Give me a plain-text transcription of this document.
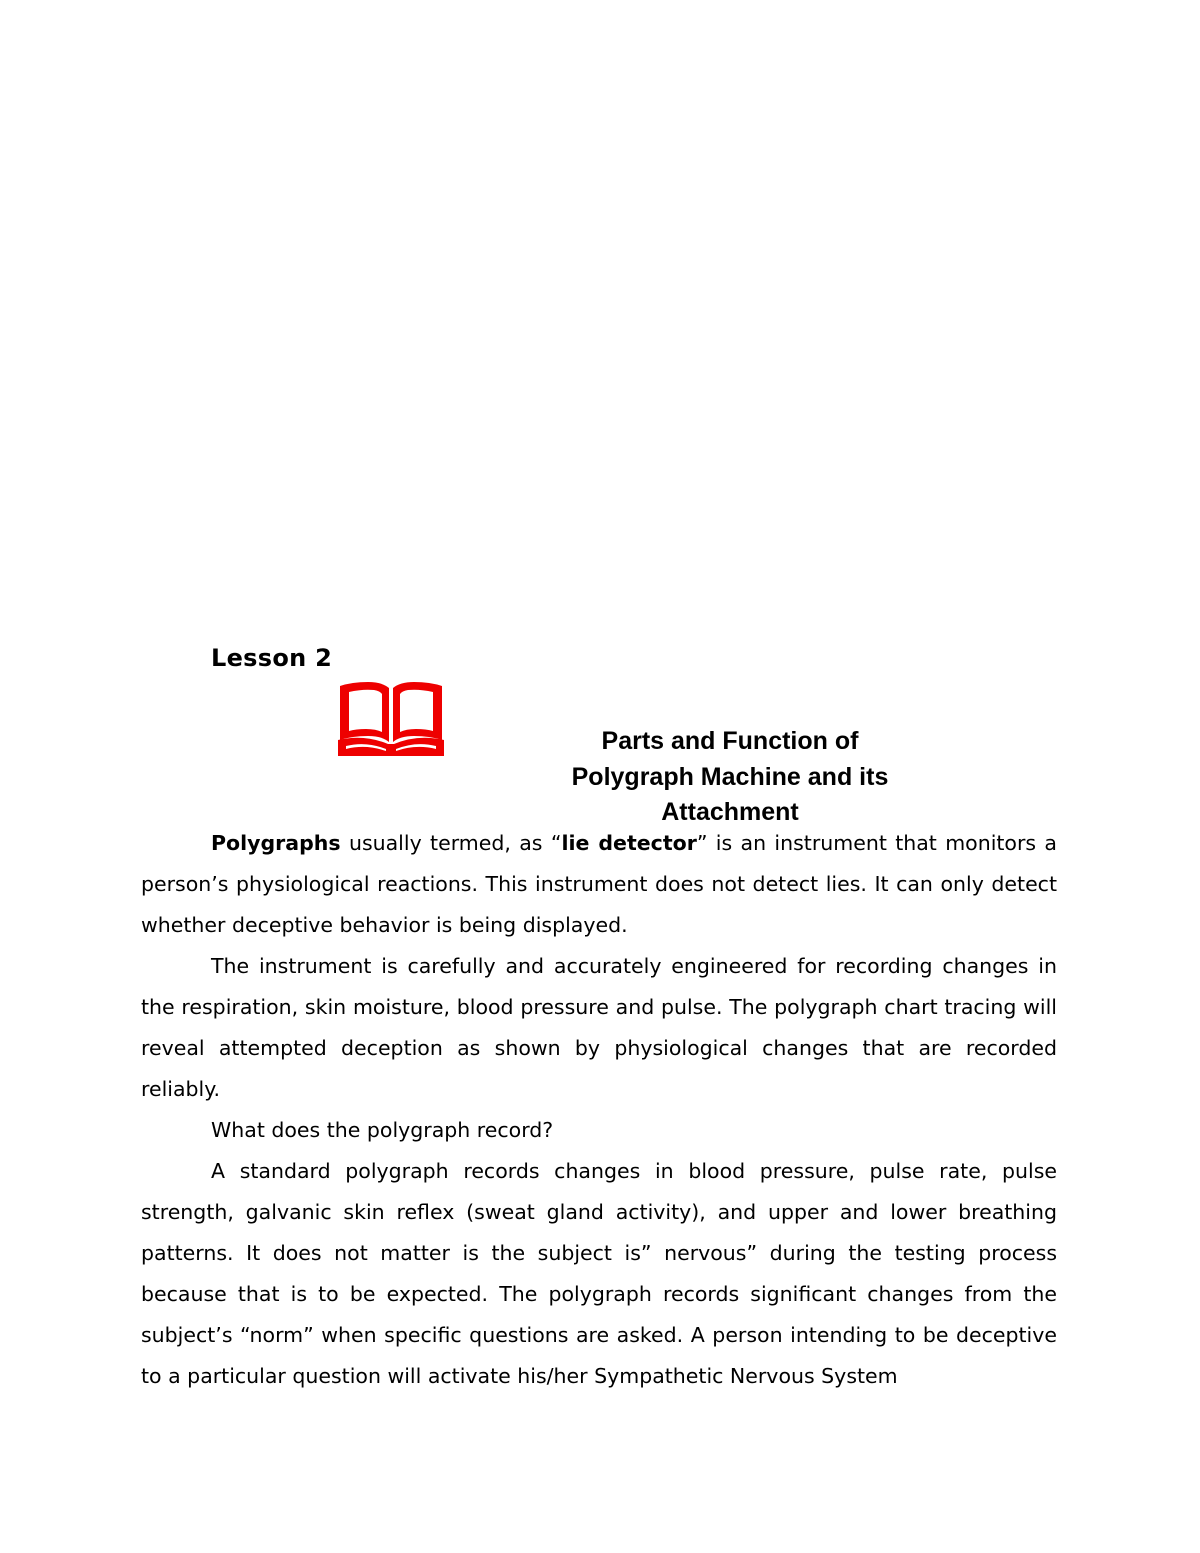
Lesson 2
Parts and Function of
Polygraph Machine and its
Attachment

Polygraphs usually termed, as “lie detector” is an instrument that monitors a person’s physiological reactions. This instrument does not detect lies. It can only detect whether deceptive behavior is being displayed.

The instrument is carefully and accurately engineered for recording changes in the respiration, skin moisture, blood pressure and pulse. The polygraph chart tracing will reveal attempted deception as shown by physiological changes that are recorded reliably.

What does the polygraph record?

A standard polygraph records changes in blood pressure, pulse rate, pulse strength, galvanic skin reflex (sweat gland activity), and upper and lower breathing patterns. It does not matter is the subject is” nervous” during the testing process because that is to be expected. The polygraph records significant changes from the subject’s “norm” when specific questions are asked. A person intending to be deceptive to a particular question will activate his/her Sympathetic Nervous System
